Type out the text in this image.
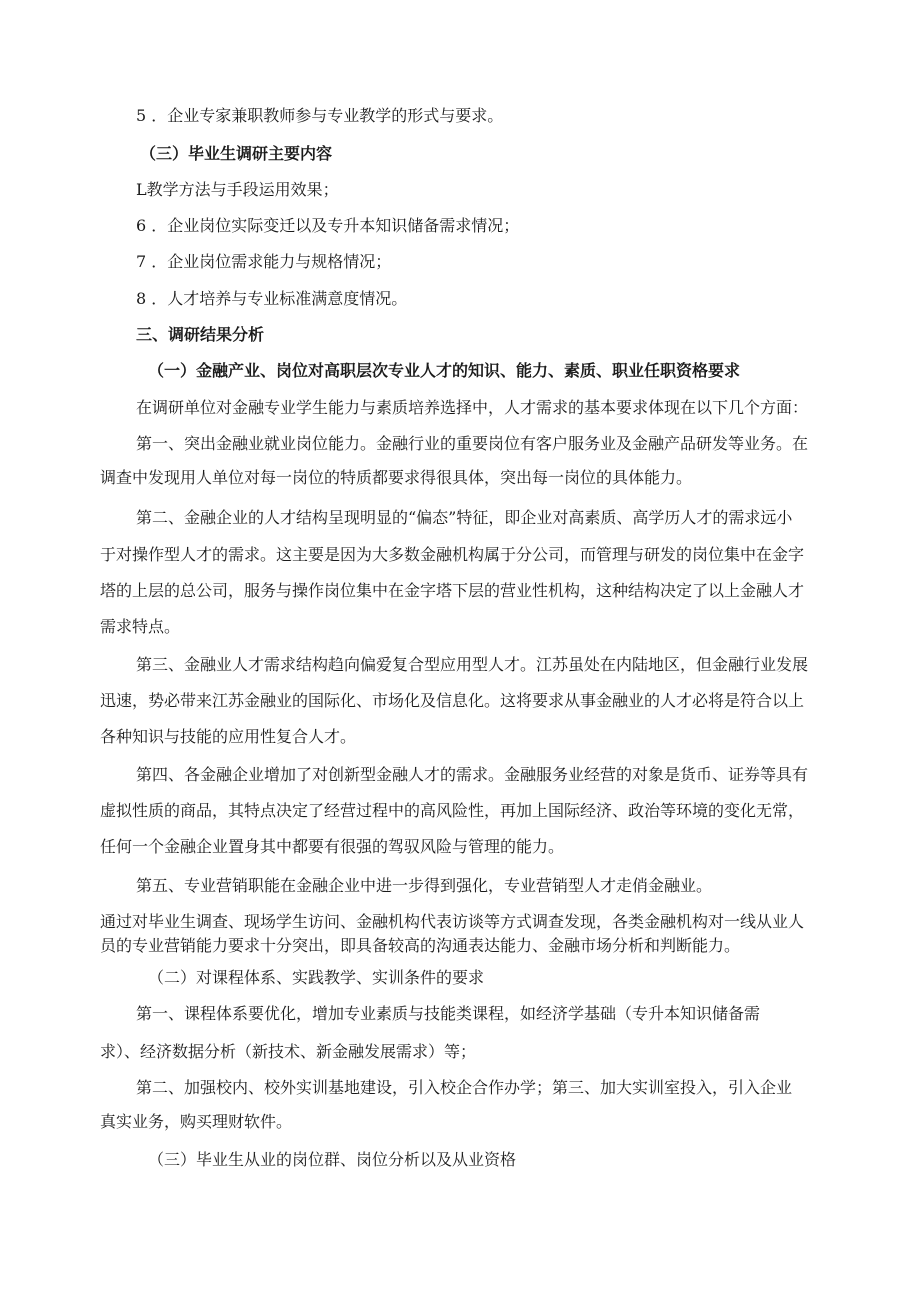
5 ．企业专家兼职教师参与专业教学的形式与要求。
（三）毕业生调研主要内容
L教学方法与手段运用效果；
6 ．企业岗位实际变迁以及专升本知识储备需求情况；
7 ．企业岗位需求能力与规格情况；
8 ．人才培养与专业标准满意度情况。
三、调研结果分析
（一）金融产业、岗位对高职层次专业人才的知识、能力、素质、职业任职资格要求
在调研单位对金融专业学生能力与素质培养选择中，人才需求的基本要求体现在以下几个方面：
第一、突出金融业就业岗位能力。金融行业的重要岗位有客户服务业及金融产品研发等业务。在
调查中发现用人单位对每一岗位的特质都要求得很具体，突出每一岗位的具体能力。
第二、金融企业的人才结构呈现明显的“偏态”特征，即企业对高素质、高学历人才的需求远小
于对操作型人才的需求。这主要是因为大多数金融机构属于分公司，而管理与研发的岗位集中在金字
塔的上层的总公司，服务与操作岗位集中在金字塔下层的营业性机构，这种结构决定了以上金融人才
需求特点。
第三、金融业人才需求结构趋向偏爱复合型应用型人才。江苏虽处在内陆地区，但金融行业发展
迅速，势必带来江苏金融业的国际化、市场化及信息化。这将要求从事金融业的人才必将是符合以上
各种知识与技能的应用性复合人才。
第四、各金融企业增加了对创新型金融人才的需求。金融服务业经营的对象是货币、证券等具有
虚拟性质的商品，其特点决定了经营过程中的高风险性，再加上国际经济、政治等环境的变化无常，
任何一个金融企业置身其中都要有很强的驾驭风险与管理的能力。
第五、专业营销职能在金融企业中进一步得到强化，专业营销型人才走俏金融业。
通过对毕业生调查、现场学生访问、金融机构代表访谈等方式调查发现，各类金融机构对一线从业人
员的专业营销能力要求十分突出，即具备较高的沟通表达能力、金融市场分析和判断能力。
（二）对课程体系、实践教学、实训条件的要求
第一、课程体系要优化，增加专业素质与技能类课程，如经济学基础（专升本知识储备需
求）、经济数据分析（新技术、新金融发展需求）等；
第二、加强校内、校外实训基地建设，引入校企合作办学；第三、加大实训室投入，引入企业
真实业务，购买理财软件。
（三）毕业生从业的岗位群、岗位分析以及从业资格
